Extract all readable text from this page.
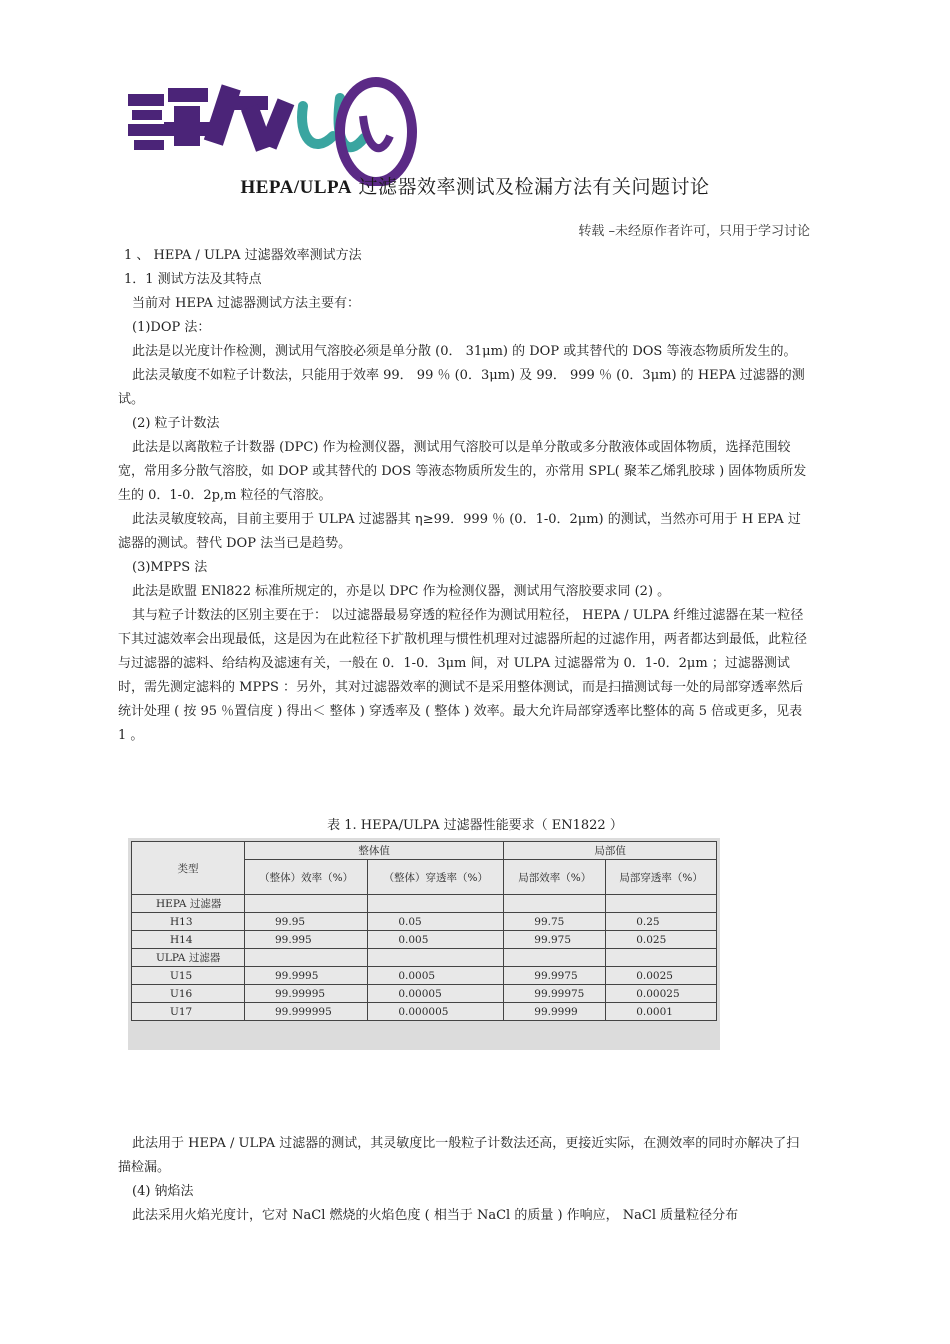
HEPA/ULPA 过滤器效率测试及检漏方法有关问题讨论
转载 –未经原作者许可，只用于学习讨论

1 、 HEPA / ULPA 过滤器效率测试方法

1．1 测试方法及其特点

当前对 HEPA 过滤器测试方法主要有：

(1)DOP 法：

此法是以光度计作检测，测试用气溶胶必须是单分散 (0． 31μm) 的 DOP 或其替代的 DOS 等液态物质所发生的。

此法灵敏度不如粒子计数法，只能用于效率 99． 99 ％ (0．3μm) 及 99． 999 ％ (0．3μm) 的 HEPA 过滤器的测试。

(2) 粒子计数法

此法是以离散粒子计数器 (DPC) 作为检测仪器，测试用气溶胶可以是单分散或多分散液体或固体物质，选择范围较宽，常用多分散气溶胶，如 DOP 或其替代的 DOS 等液态物质所发生的，亦常用 SPL( 聚苯乙烯乳胶球 ) 固体物质所发生的 0．1-0．2p,m 粒径的气溶胶。

此法灵敏度较高，目前主要用于 ULPA 过滤器其 η≥99．999 ％ (0．1-0．2μm) 的测试，当然亦可用于 H EPA 过滤器的测试。替代 DOP 法当已是趋势。

(3)MPPS 法

此法是欧盟 ENl822 标准所规定的，亦是以 DPC 作为检测仪器，测试用气溶胶要求同 (2) 。

其与粒子计数法的区别主要在于： 以过滤器最易穿透的粒径作为测试用粒径， HEPA / ULPA 纤维过滤器在某一粒径下其过滤效率会出现最低，这是因为在此粒径下扩散机理与惯性机理对过滤器所起的过滤作用，两者都达到最低，此粒径与过滤器的滤料、给结构及滤速有关，一般在 0．1-0．3μm 间，对 ULPA 过滤器常为 0．1-0．2μm ；过滤器测试时，需先测定滤料的 MPPS ：另外，其对过滤器效率的测试不是采用整体测试，而是扫描测试每一处的局部穿透率然后统计处理 ( 按 95 ％置信度 ) 得出＜ 整体 ) 穿透率及 ( 整体 ) 效率。最大允许局部穿透率比整体的高 5 倍或更多，见表 1 。

表 1. HEPA/ULPA 过滤器性能要求（ EN1822 ）
类型	整体值		局部值	
	（整体）效率（%）	（整体）穿透率（%）	局部效率（%）	局部穿透率（%）
HEPA 过滤器				
H13	99.95	0.05	99.75	0.25
H14	99.995	0.005	99.975	0.025
ULPA 过滤器				
U15	99.9995	0.0005	99.9975	0.0025
U16	99.99995	0.00005	99.99975	0.00025
U17	99.999995	0.000005	99.9999	0.0001

此法用于 HEPA / ULPA 过滤器的测试，其灵敏度比一般粒子计数法还高，更接近实际，在测效率的同时亦解决了扫描检漏。

(4) 钠焰法

此法采用火焰光度计，它对 NaCl 燃烧的火焰色度 ( 相当于 NaCl 的质量 ) 作响应， NaCl 质量粒径分布
